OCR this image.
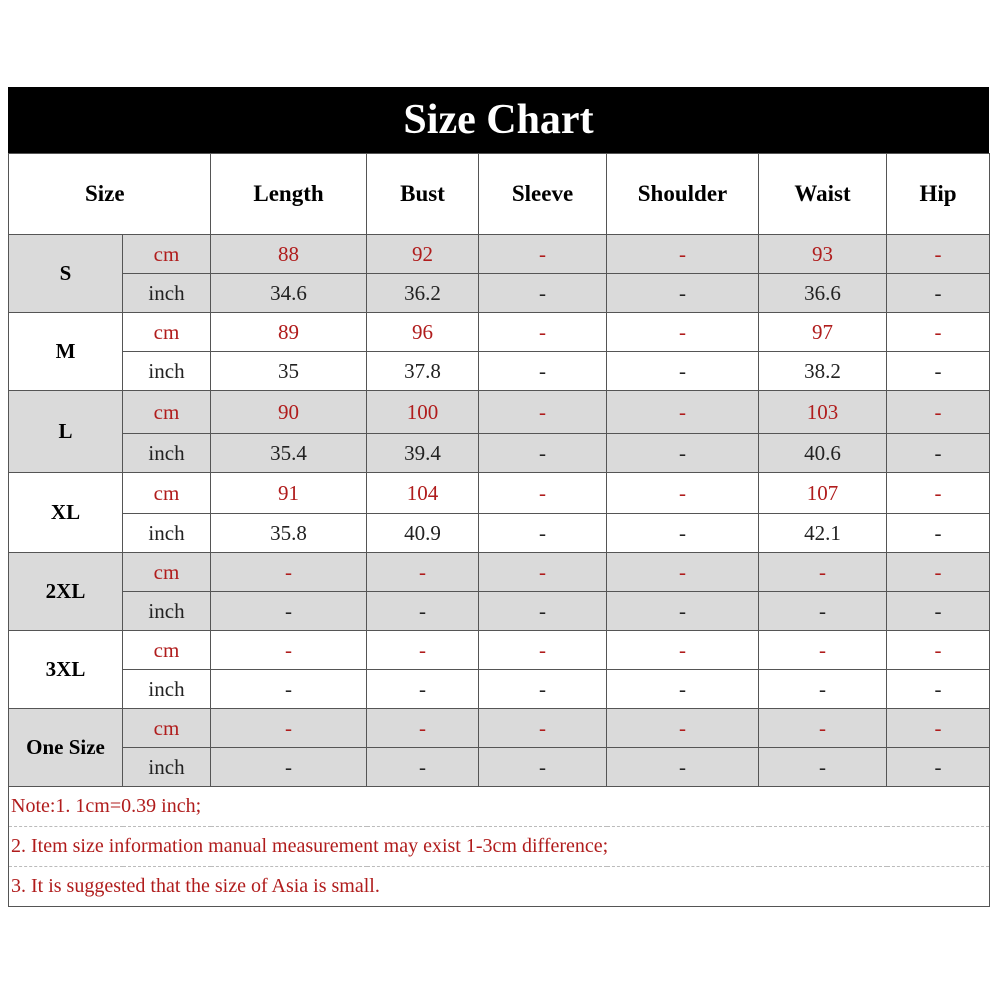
Size Chart
Size		Length	Bust	Sleeve	Shoulder	Waist	Hip
S	cm	88	92	-	-	93	-
	inch	34.6	36.2	-	-	36.6	-
M	cm	89	96	-	-	97	-
	inch	35	37.8	-	-	38.2	-
L	cm	90	100	-	-	103	-
	inch	35.4	39.4	-	-	40.6	-
XL	cm	91	104	-	-	107	-
	inch	35.8	40.9	-	-	42.1	-
2XL	cm	-	-	-	-	-	-
	inch	-	-	-	-	-	-
3XL	cm	-	-	-	-	-	-
	inch	-	-	-	-	-	-
One Size	cm	-	-	-	-	-	-
	inch	-	-	-	-	-	-
Note:1. 1cm=0.39 inch;							
2. Item size information manual measurement may exist 1-3cm difference;							
3. It is suggested that the size of Asia is small.							
